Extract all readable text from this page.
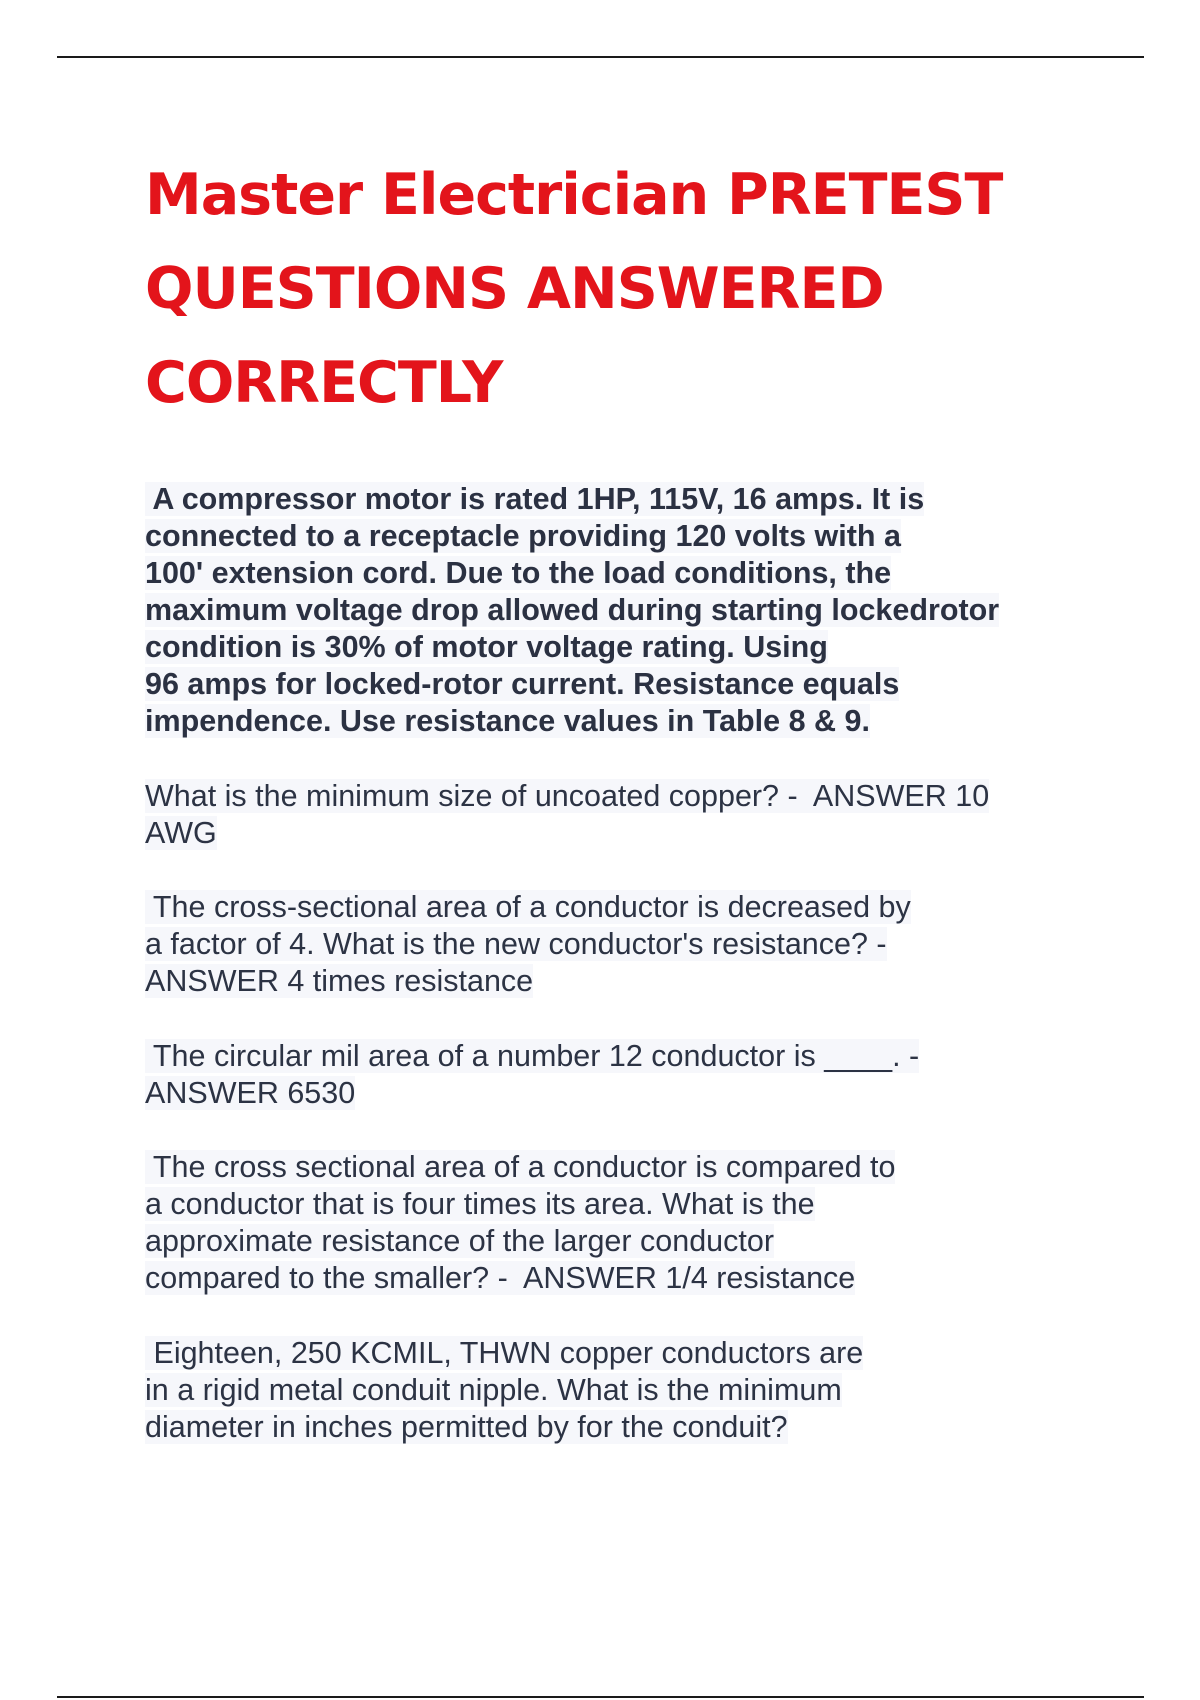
Master Electrician PRETEST
QUESTIONS ANSWERED
CORRECTLY
A compressor motor is rated 1HP, 115V, 16 amps. It is
connected to a receptacle providing 120 volts with a
100' extension cord. Due to the load conditions, the
maximum voltage drop allowed during starting lockedrotor
condition is 30% of motor voltage rating. Using
96 amps for locked-rotor current. Resistance equals
impendence. Use resistance values in Table 8 & 9.
What is the minimum size of uncoated copper? -  ANSWER 10
AWG
The cross-sectional area of a conductor is decreased by
a factor of 4. What is the new conductor's resistance? -
ANSWER 4 times resistance
The circular mil area of a number 12 conductor is ____. -
ANSWER 6530
The cross sectional area of a conductor is compared to
a conductor that is four times its area. What is the
approximate resistance of the larger conductor
compared to the smaller? -  ANSWER 1/4 resistance
Eighteen, 250 KCMIL, THWN copper conductors are
in a rigid metal conduit nipple. What is the minimum
diameter in inches permitted by for the conduit?
